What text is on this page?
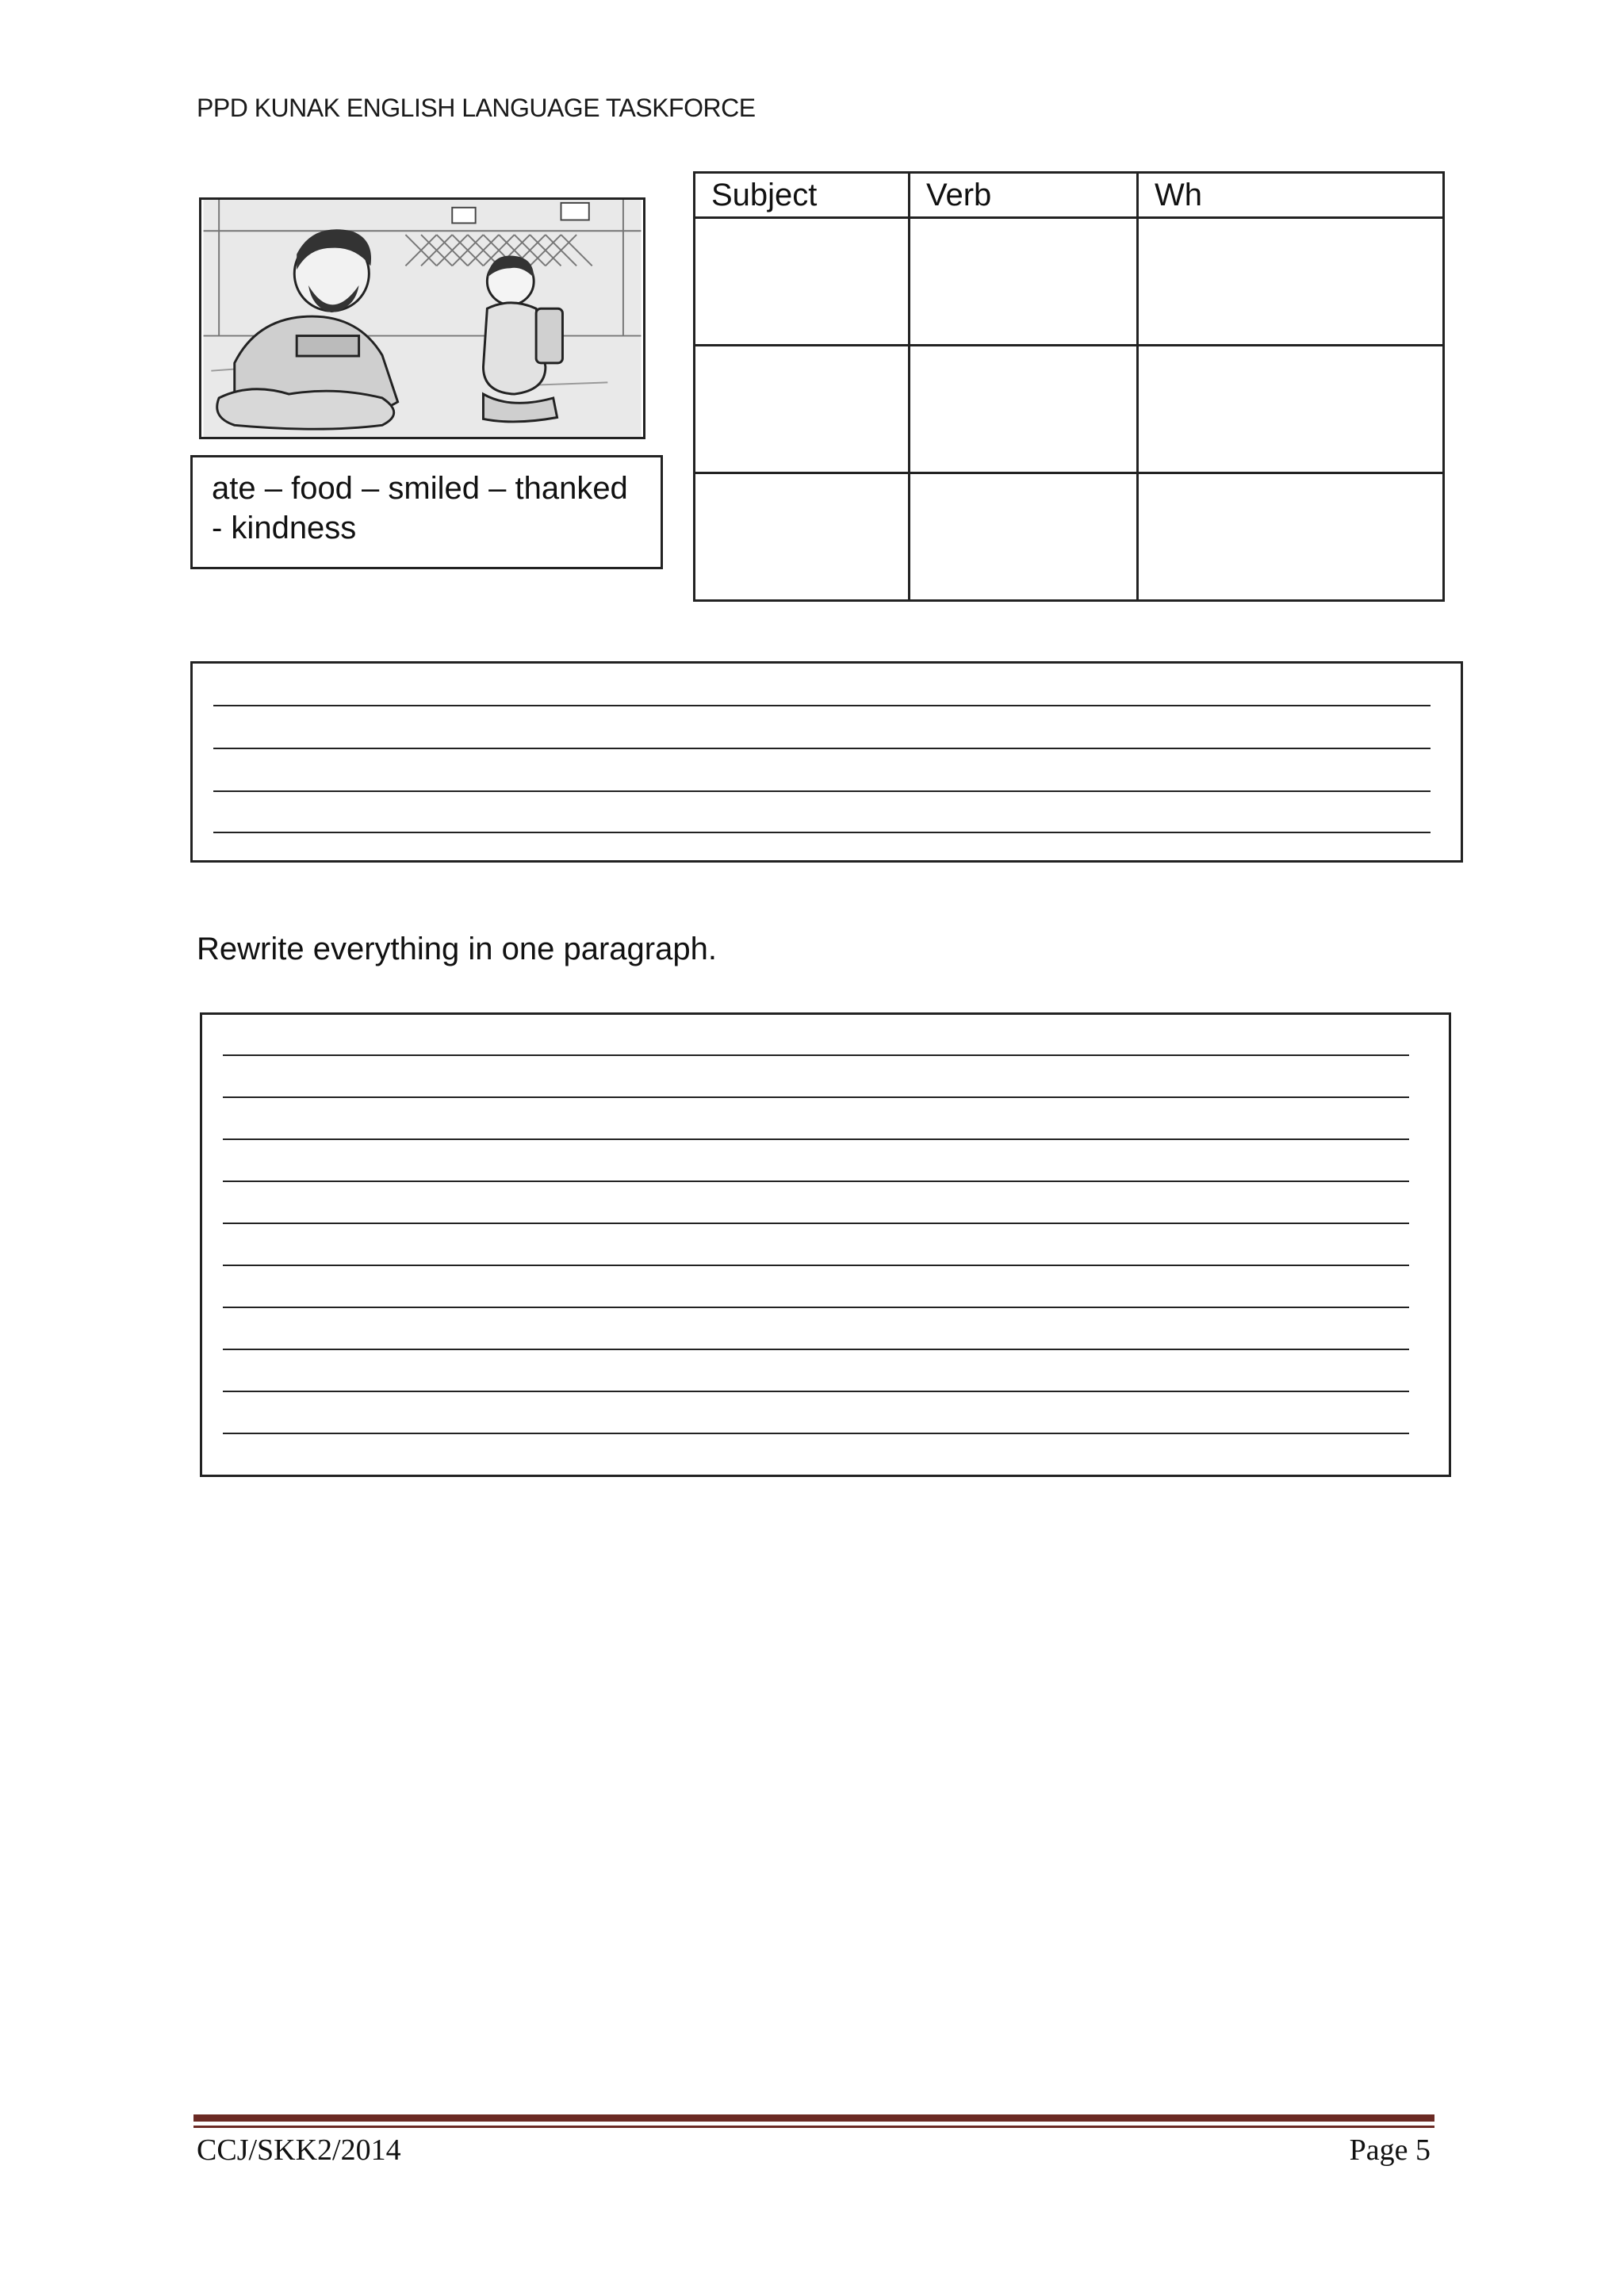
PPD KUNAK ENGLISH LANGUAGE TASKFORCE
ate – food – smiled – thanked - kindness
Subject	Verb	Wh

Rewrite everything in one paragraph.
CCJ/SKK2/2014	Page 5
